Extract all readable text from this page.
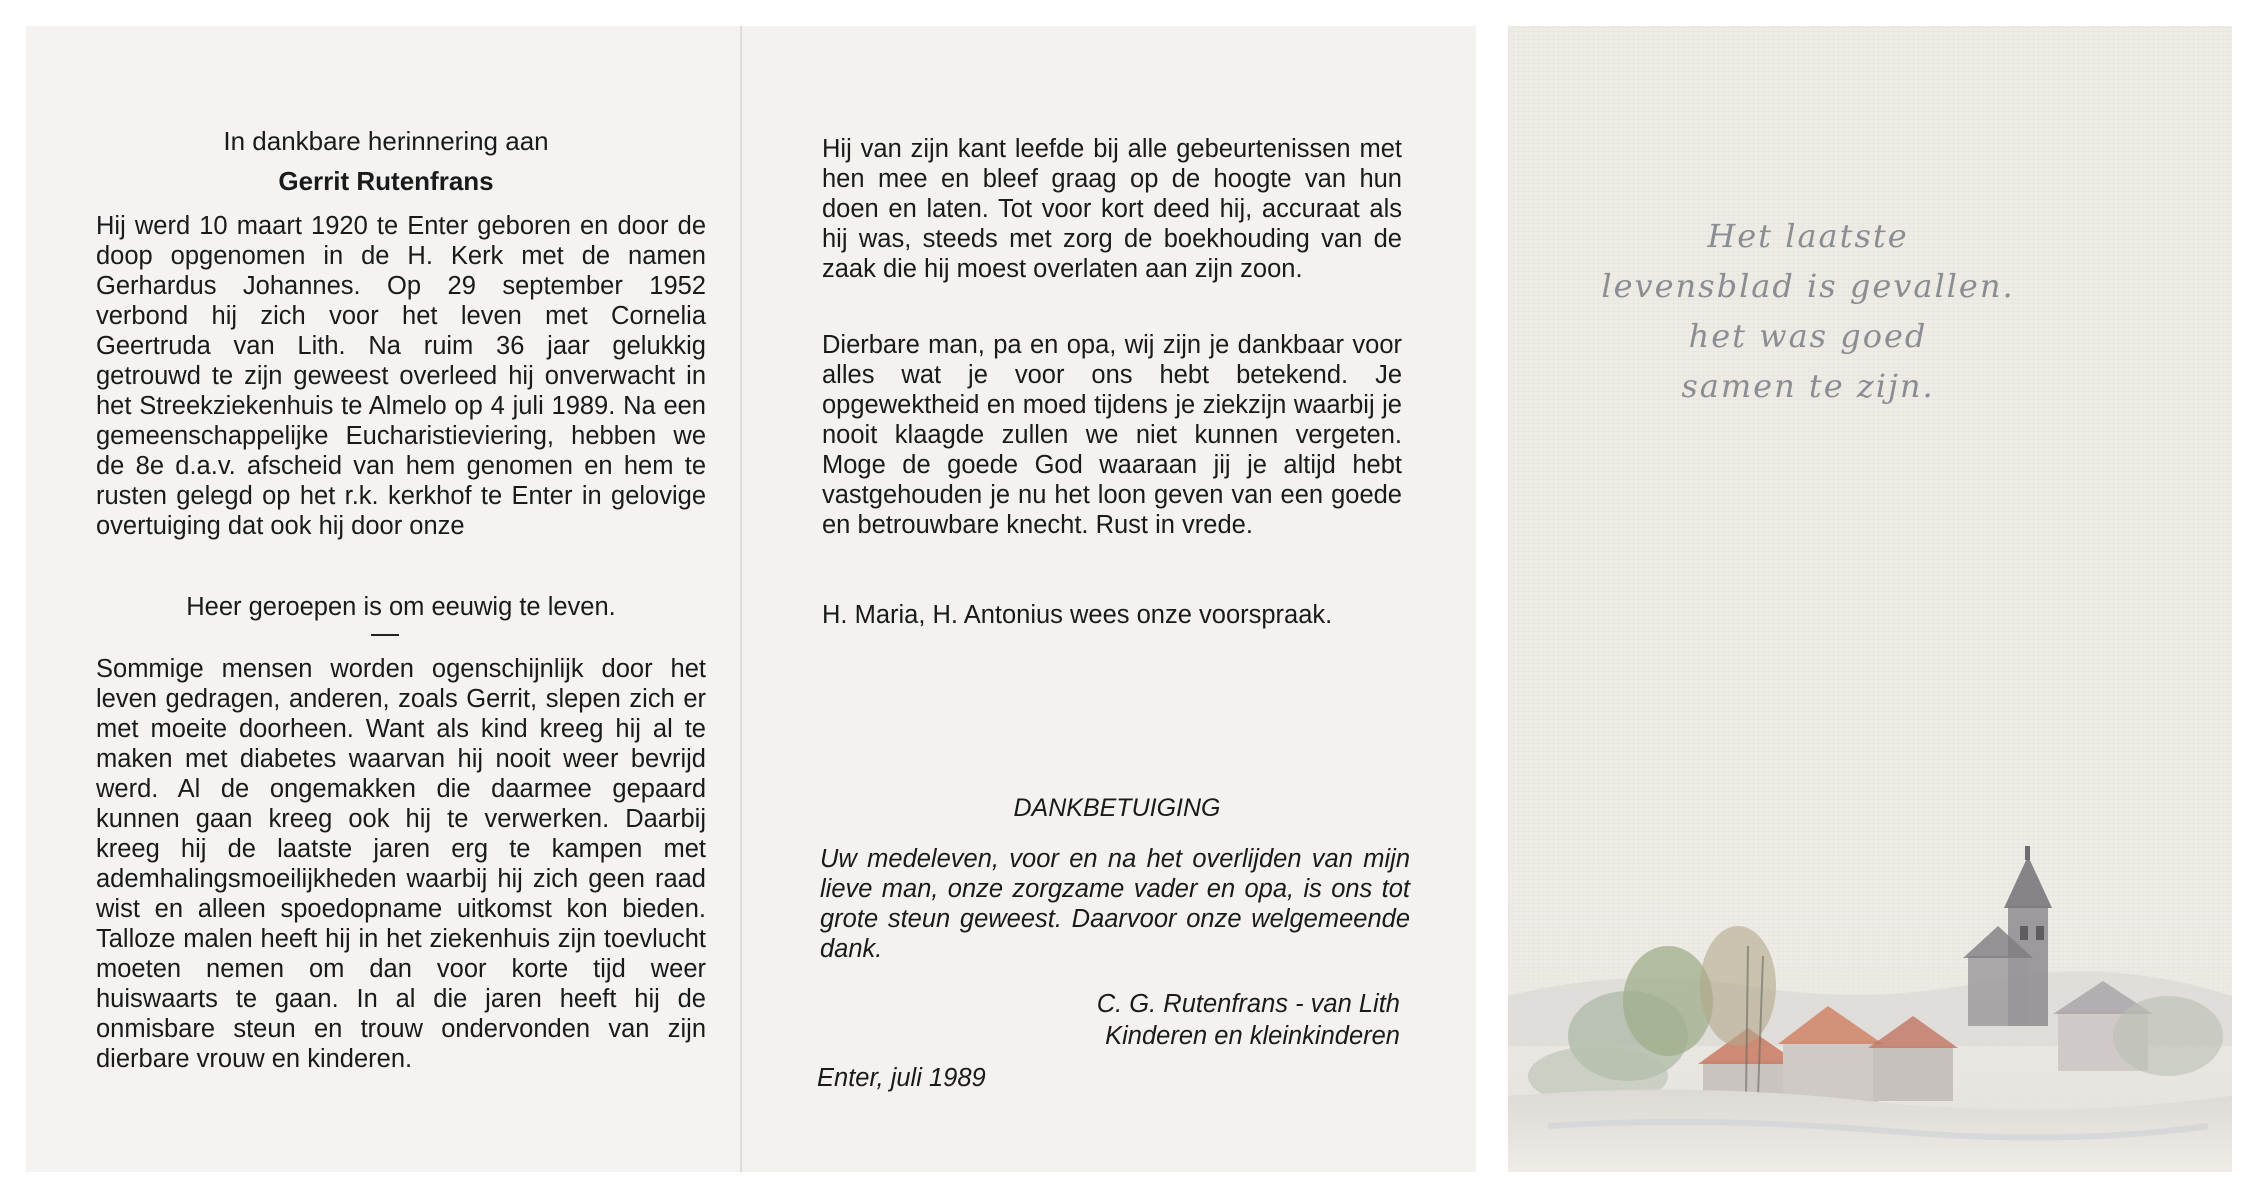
In dankbare herinnering aan
Gerrit Rutenfrans
Hij werd 10 maart 1920 te Enter geboren en door de doop opgenomen in de H. Kerk met de namen Gerhardus Johannes. Op 29 september 1952 verbond hij zich voor het leven met Cornelia Geertruda van Lith. Na ruim 36 jaar gelukkig getrouwd te zijn geweest overleed hij onverwacht in het Streekziekenhuis te Almelo op 4 juli 1989. Na een gemeenschappelijke Eucharistieviering, hebben we de 8e d.a.v. afscheid van hem genomen en hem te rusten gelegd op het r.k. kerkhof te Enter in gelovige overtuiging dat ook hij door onze
Heer geroepen is om eeuwig te leven.
Sommige mensen worden ogenschijnlijk door het leven gedragen, anderen, zoals Gerrit, slepen zich er met moeite doorheen. Want als kind kreeg hij al te maken met diabetes waarvan hij nooit weer bevrijd werd. Al de ongemakken die daarmee gepaard kunnen gaan kreeg ook hij te verwerken. Daarbij kreeg hij de laatste jaren erg te kampen met ademhalingsmoeilijkheden waarbij hij zich geen raad wist en alleen spoedopname uitkomst kon bieden. Talloze malen heeft hij in het ziekenhuis zijn toevlucht moeten nemen om dan voor korte tijd weer huiswaarts te gaan. In al die jaren heeft hij de onmisbare steun en trouw ondervonden van zijn dierbare vrouw en kinderen.
Hij van zijn kant leefde bij alle gebeurtenissen met hen mee en bleef graag op de hoogte van hun doen en laten. Tot voor kort deed hij, accuraat als hij was, steeds met zorg de boekhouding van de zaak die hij moest overlaten aan zijn zoon.
Dierbare man, pa en opa, wij zijn je dankbaar voor alles wat je voor ons hebt betekend. Je opgewektheid en moed tijdens je ziekzijn waarbij je nooit klaagde zullen we niet kunnen vergeten. Moge de goede God waaraan jij je altijd hebt vastgehouden je nu het loon geven van een goede en betrouwbare knecht. Rust in vrede.
H. Maria, H. Antonius wees onze voorspraak.
DANKBETUIGING
Uw medeleven, voor en na het overlijden van mijn lieve man, onze zorgzame vader en opa, is ons tot grote steun geweest. Daarvoor onze welgemeende dank.
C. G. Rutenfrans - van Lith
Kinderen en kleinkinderen
Enter, juli 1989
Het laatste
levensblad is gevallen.
het was goed
samen te zijn.
